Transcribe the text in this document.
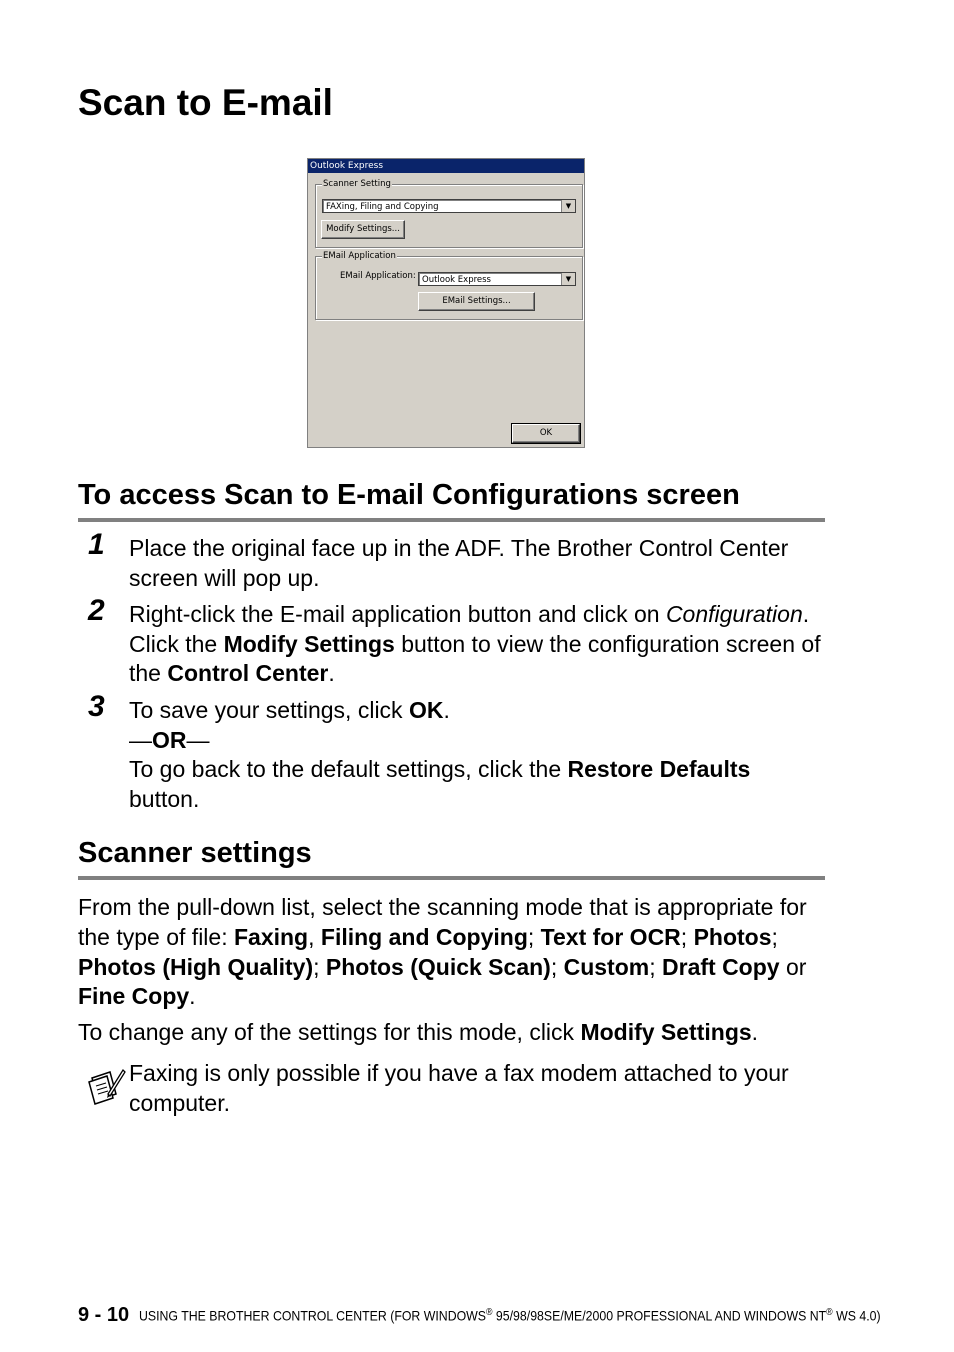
Scan to E-mail
Outlook Express
Scanner Setting
FAXing, Filing and Copying	▼
Modify Settings...
EMail Application
EMail Application: Outlook Express	▼
EMail Settings...
OK
To access Scan to E-mail Configurations screen
1 Place the original face up in the ADF. The Brother Control Center screen will pop up.

2 Right-click the E-mail application button and click on Configuration. Click the Modify Settings button to view the configuration screen of the Control Center.

3 To save your settings, click OK.
—OR—
To go back to the default settings, click the Restore Defaults button.

Scanner settings

From the pull-down list, select the scanning mode that is appropriate for the type of file: Faxing, Filing and Copying; Text for OCR; Photos; Photos (High Quality); Photos (Quick Scan); Custom; Draft Copy or Fine Copy.

To change any of the settings for this mode, click Modify Settings.

Faxing is only possible if you have a fax modem attached to your computer.

9 - 10 USING THE BROTHER CONTROL CENTER (FOR WINDOWS® 95/98/98SE/ME/2000 PROFESSIONAL AND WINDOWS NT® WS 4.0)
